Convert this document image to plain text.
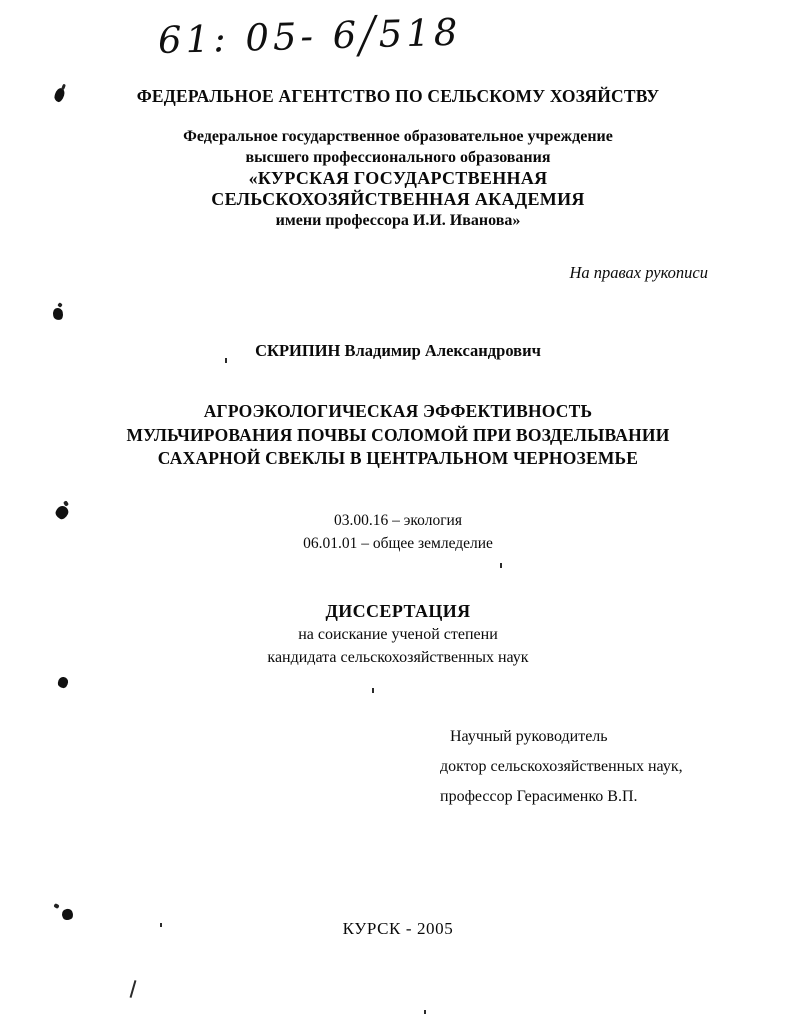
61: 05- 6/518
ФЕДЕРАЛЬНОЕ АГЕНТСТВО ПО СЕЛЬСКОМУ ХОЗЯЙСТВУ
Федеральное государственное образовательное учреждение
высшего профессионального образования
«КУРСКАЯ ГОСУДАРСТВЕННАЯ
СЕЛЬСКОХОЗЯЙСТВЕННАЯ АКАДЕМИЯ
имени профессора И.И. Иванова»
На правах рукописи
СКРИПИН Владимир Александрович
АГРОЭКОЛОГИЧЕСКАЯ ЭФФЕКТИВНОСТЬ
МУЛЬЧИРОВАНИЯ ПОЧВЫ СОЛОМОЙ ПРИ ВОЗДЕЛЫВАНИИ
САХАРНОЙ СВЕКЛЫ В ЦЕНТРАЛЬНОМ ЧЕРНОЗЕМЬЕ
03.00.16 – экология
06.01.01 – общее земледелие
ДИССЕРТАЦИЯ
на соискание ученой степени
кандидата сельскохозяйственных наук
Научный руководитель
доктор сельскохозяйственных наук,
профессор Герасименко В.П.
КУРСК - 2005
